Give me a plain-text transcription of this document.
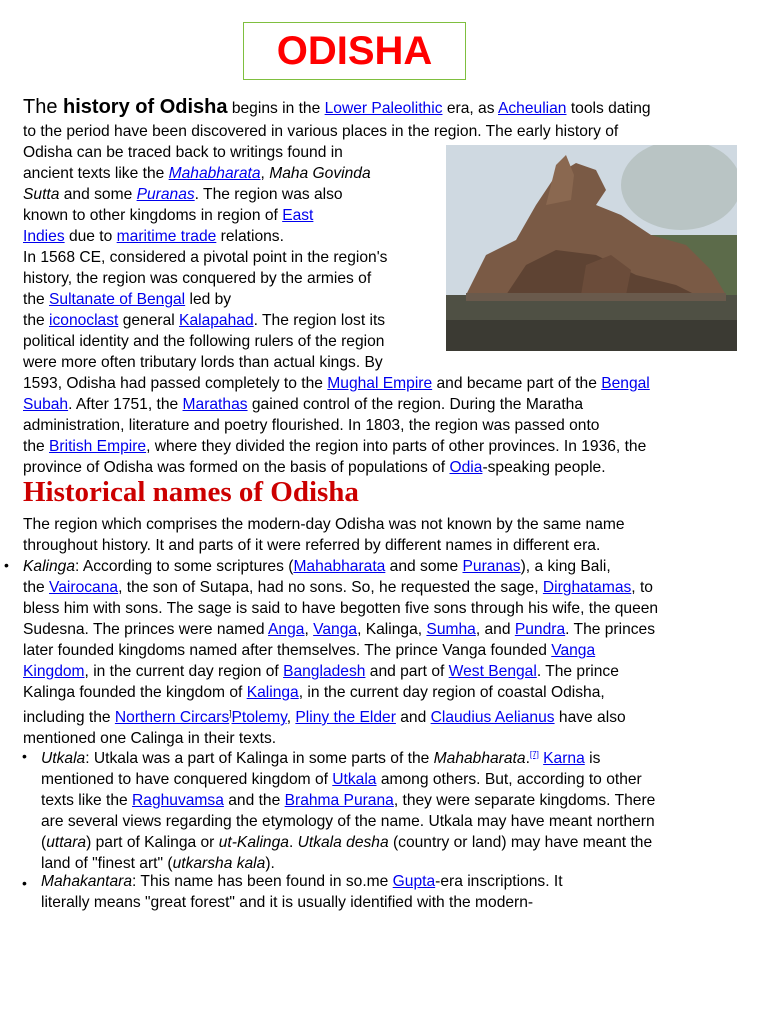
ODISHA

The history of Odisha begins in the Lower Paleolithic era, as Acheulian tools dating

to the period have been discovered in various places in the region. The early history of

Odisha can be traced back to writings found in

ancient texts like the Mahabharata, Maha Govinda

Sutta and some Puranas. The region was also

known to other kingdoms in region of East

Indies due to maritime trade relations.

In 1568 CE, considered a pivotal point in the region's

history, the region was conquered by the armies of

the Sultanate of Bengal led by

the iconoclast general Kalapahad. The region lost its

political identity and the following rulers of the region

were more often tributary lords than actual kings. By

1593, Odisha had passed completely to the Mughal Empire and became part of the Bengal

Subah. After 1751, the Marathas gained control of the region. During the Maratha

administration, literature and poetry flourished. In 1803, the region was passed onto

the British Empire, where they divided the region into parts of other provinces. In 1936, the

province of Odisha was formed on the basis of populations of Odia-speaking people.

Historical names of Odisha

The region which comprises the modern-day Odisha was not known by the same name

throughout history. It and parts of it were referred by different names in different era.

• Kalinga: According to some scriptures (Mahabharata and some Puranas), a king Bali,

the Vairocana, the son of Sutapa, had no sons. So, he requested the sage, Dirghatamas, to

bless him with sons. The sage is said to have begotten five sons through his wife, the queen

Sudesna. The princes were named Anga, Vanga, Kalinga, Sumha, and Pundra. The princes

later founded kingdoms named after themselves. The prince Vanga founded Vanga

Kingdom, in the current day region of Bangladesh and part of West Bengal. The prince

Kalinga founded the kingdom of Kalinga, in the current day region of coastal Odisha,

including the Northern Circars]Ptolemy, Pliny the Elder and Claudius Aelianus have also

mentioned one Calinga in their texts.

• Utkala: Utkala was a part of Kalinga in some parts of the Mahabharata.[7] Karna is

mentioned to have conquered kingdom of Utkala among others. But, according to other

texts like the Raghuvamsa and the Brahma Purana, they were separate kingdoms. There

are several views regarding the etymology of the name. Utkala may have meant northern

(uttara) part of Kalinga or ut-Kalinga. Utkala desha (country or land) may have meant the

land of "finest art" (utkarsha kala).

• Mahakantara: This name has been found in so.me Gupta-era inscriptions. It

literally means "great forest" and it is usually identified with the modern-
